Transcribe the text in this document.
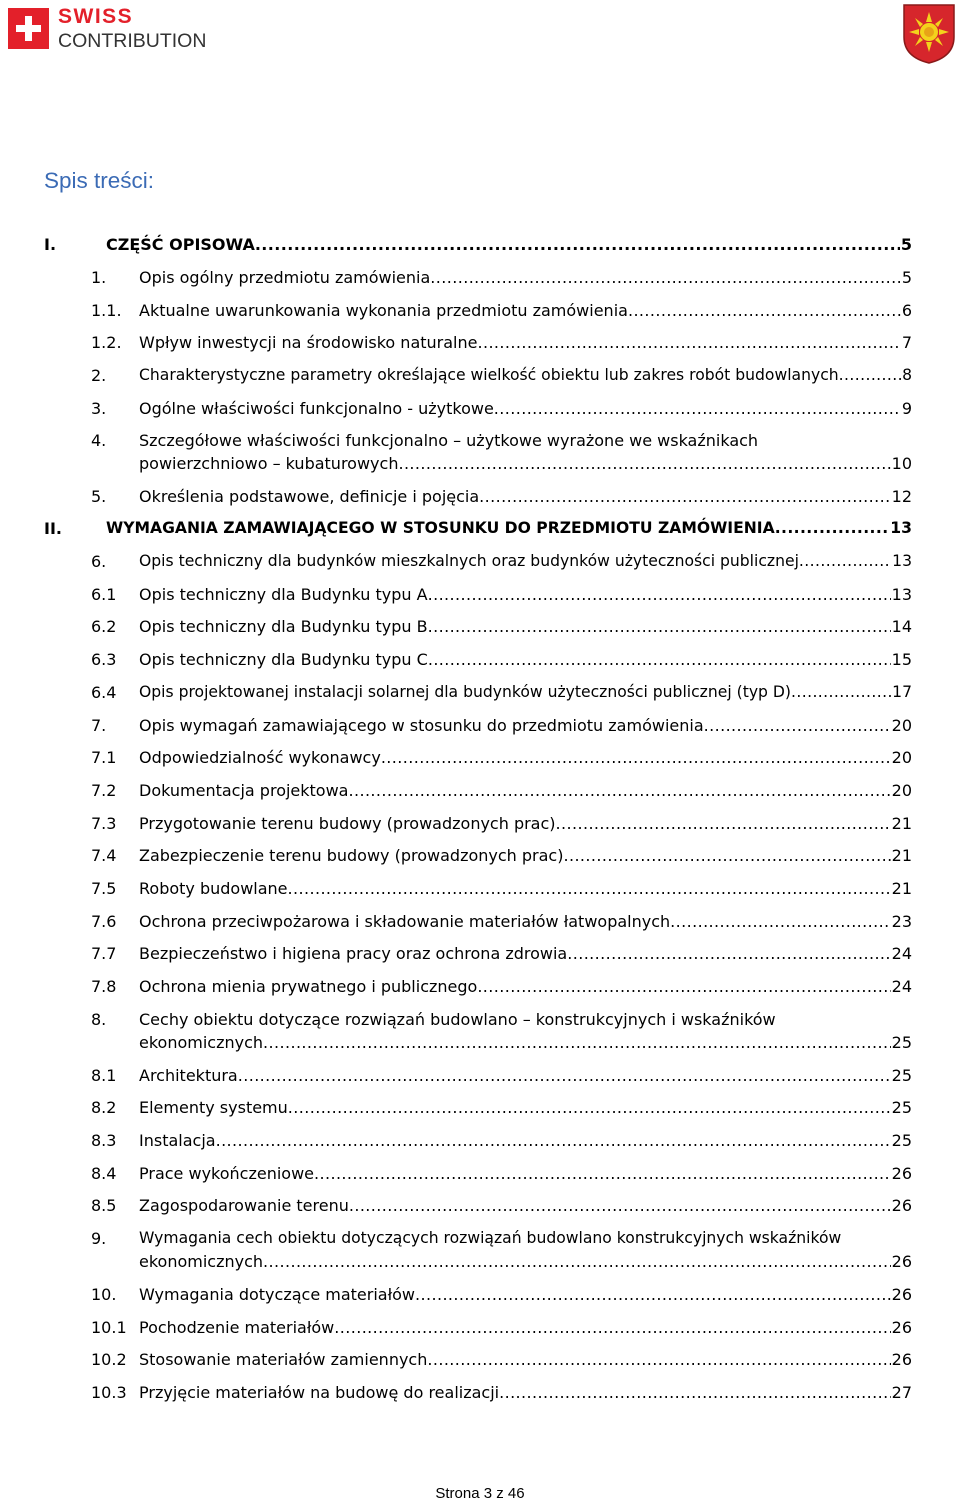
SWISS
CONTRIBUTION
Spis treści:
I.	CZĘŚĆ OPISOWA .....	5
1. Opis ogólny przedmiotu zamówienia .....	5
1.1. Aktualne uwarunkowania wykonania przedmiotu zamówienia .....	6
1.2. Wpływ inwestycji na środowisko naturalne .....	7
2. Charakterystyczne parametry określające wielkość obiektu lub zakres robót budowlanych .....	8
3. Ogólne właściwości funkcjonalno - użytkowe .....	9
4. Szczegółowe właściwości funkcjonalno – użytkowe wyrażone we wskaźnikach
powierzchniowo – kubaturowych .....	10
5. Określenia podstawowe, definicje i pojęcia .....	12
II.	WYMAGANIA ZAMAWIAJĄCEGO W STOSUNKU DO PRZEDMIOTU ZAMÓWIENIA .....	13
6. Opis techniczny dla budynków mieszkalnych oraz budynków użyteczności publicznej .....	13
6.1 Opis techniczny dla Budynku typu A .....	13
6.2 Opis techniczny dla Budynku typu B .....	14
6.3 Opis techniczny dla Budynku typu C .....	15
6.4 Opis projektowanej instalacji solarnej dla budynków użyteczności publicznej (typ D) .....	17
7. Opis wymagań zamawiającego w stosunku do przedmiotu zamówienia .....	20
7.1 Odpowiedzialność wykonawcy .....	20
7.2 Dokumentacja projektowa .....	20
7.3 Przygotowanie terenu budowy (prowadzonych prac) .....	21
7.4 Zabezpieczenie terenu budowy (prowadzonych prac) .....	21
7.5 Roboty budowlane .....	21
7.6 Ochrona przeciwpożarowa i składowanie materiałów łatwopalnych .....	23
7.7 Bezpieczeństwo i higiena pracy oraz ochrona zdrowia .....	24
7.8 Ochrona mienia prywatnego i publicznego .....	24
8. Cechy obiektu dotyczące rozwiązań budowlano – konstrukcyjnych i wskaźników
ekonomicznych .....	25
8.1 Architektura .....	25
8.2 Elementy systemu .....	25
8.3 Instalacja .....	25
8.4 Prace wykończeniowe .....	26
8.5 Zagospodarowanie terenu .....	26
9. Wymagania cech obiektu dotyczących rozwiązań budowlano konstrukcyjnych wskaźników
ekonomicznych .....	26
10. Wymagania dotyczące materiałów .....	26
10.1 Pochodzenie materiałów .....	26
10.2 Stosowanie materiałów zamiennych .....	26
10.3 Przyjęcie materiałów na budowę do realizacji .....	27
Strona 3 z 46
